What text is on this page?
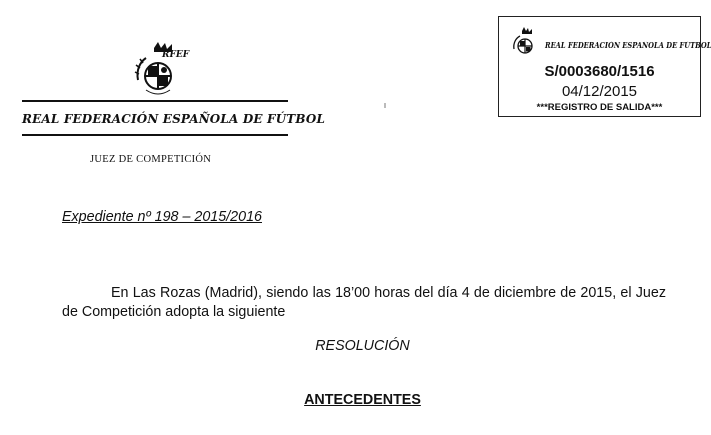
RFEF
REAL FEDERACIÓN ESPAÑOLA DE FÚTBOL
JUEZ DE COMPETICIÓN
REAL FEDERACIÓN ESPAÑOLA DE FÚTBOL
S/0003680/1516
04/12/2015
***REGISTRO DE SALIDA***
Expediente nº 198 – 2015/2016
En Las Rozas (Madrid), siendo las 18’00 horas del día 4 de diciembre de 2015, el Juez de Competición adopta la siguiente
RESOLUCIÓN
ANTECEDENTES
